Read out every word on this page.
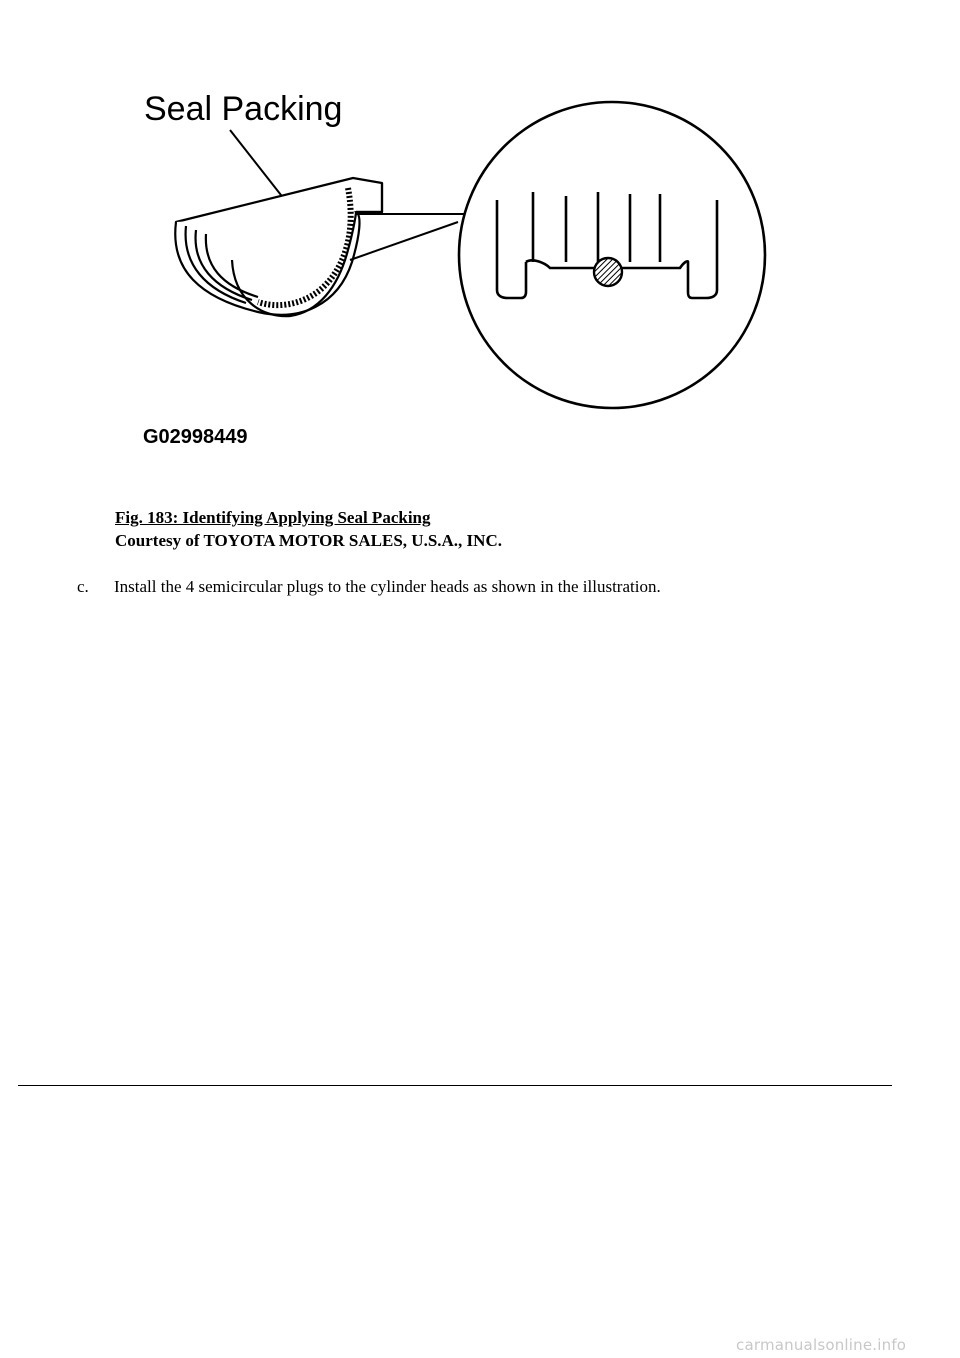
Seal Packing
G02998449
Fig. 183: Identifying Applying Seal Packing
Courtesy of TOYOTA MOTOR SALES, U.S.A., INC.
c. Install the 4 semicircular plugs to the cylinder heads as shown in the illustration.
carmanualsonline.info
